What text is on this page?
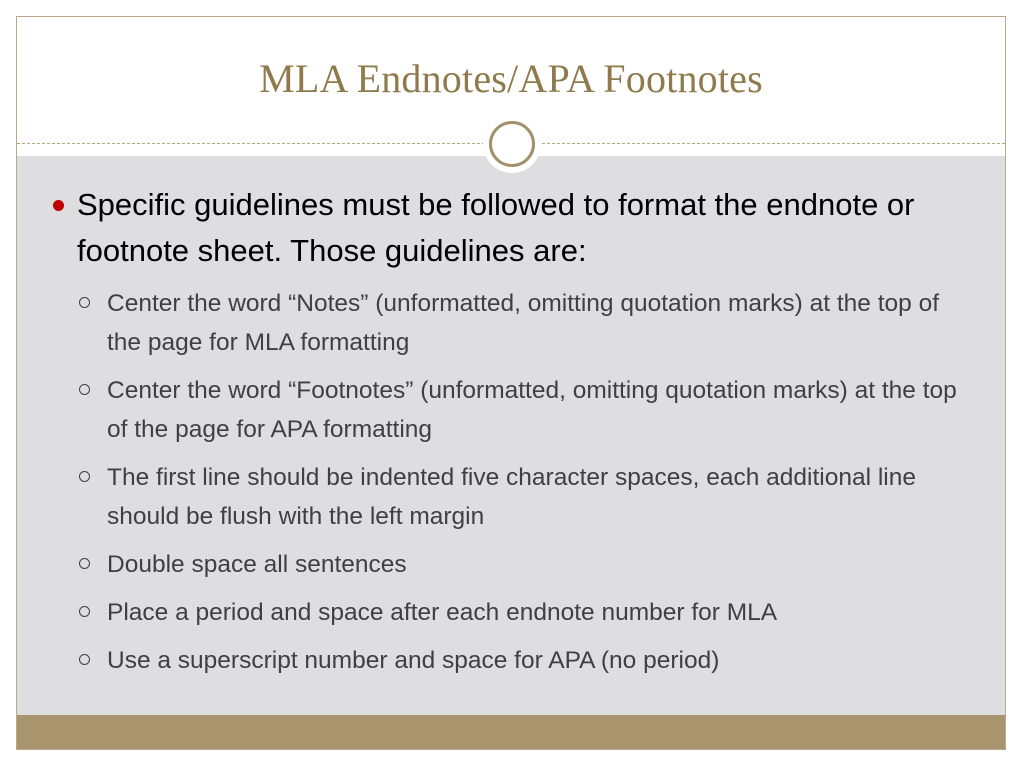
MLA Endnotes/APA Footnotes
Specific guidelines must be followed to format the endnote or footnote sheet. Those guidelines are:
Center the word “Notes” (unformatted, omitting quotation marks) at the top of the page for MLA formatting
Center the word “Footnotes” (unformatted, omitting quotation marks) at the top of the page for APA formatting
The first line should be indented five character spaces, each additional line should be flush with the left margin
Double space all sentences
Place a period and space after each endnote number for MLA
Use a superscript number and space for APA (no period)
